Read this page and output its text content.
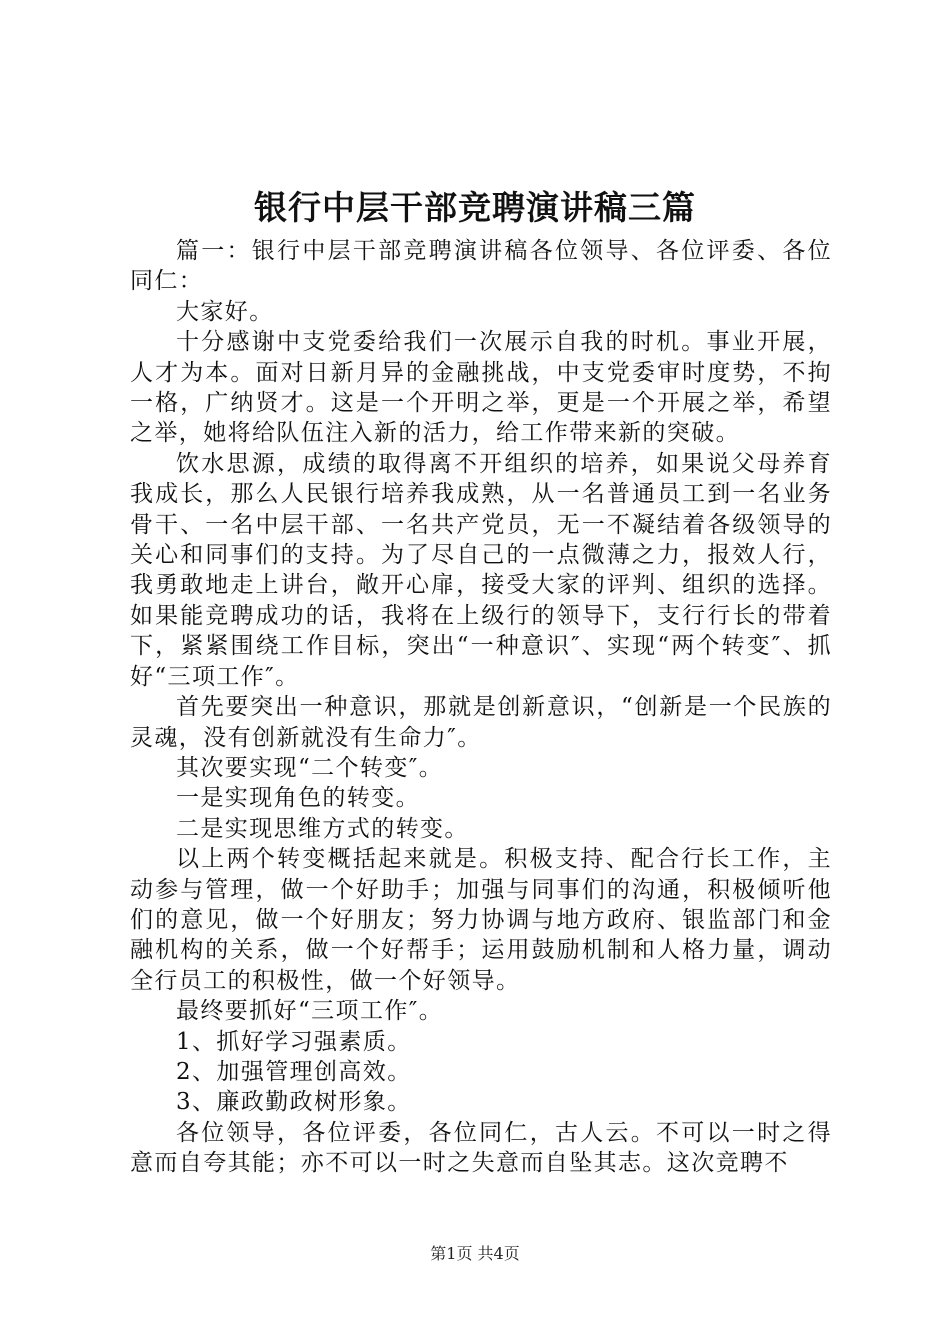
银行中层干部竞聘演讲稿三篇

篇一：银行中层干部竞聘演讲稿各位领导、各位评委、各位同仁：

大家好。

十分感谢中支党委给我们一次展示自我的时机。事业开展，人才为本。面对日新月异的金融挑战，中支党委审时度势，不拘一格，广纳贤才。这是一个开明之举，更是一个开展之举，希望之举，她将给队伍注入新的活力，给工作带来新的突破。

饮水思源，成绩的取得离不开组织的培养，如果说父母养育我成长，那么人民银行培养我成熟，从一名普通员工到一名业务骨干、一名中层干部、一名共产党员，无一不凝结着各级领导的关心和同事们的支持。为了尽自己的一点微薄之力，报效人行，我勇敢地走上讲台，敞开心扉，接受大家的评判、组织的选择。如果能竞聘成功的话，我将在上级行的领导下，支行行长的带着下，紧紧围绕工作目标，突出“一种意识″、实现“两个转变″、抓好“三项工作″。

首先要突出一种意识，那就是创新意识，“创新是一个民族的灵魂，没有创新就没有生命力″。

其次要实现“二个转变″。

一是实现角色的转变。

二是实现思维方式的转变。

以上两个转变概括起来就是。积极支持、配合行长工作，主动参与管理，做一个好助手；加强与同事们的沟通，积极倾听他们的意见，做一个好朋友；努力协调与地方政府、银监部门和金融机构的关系，做一个好帮手；运用鼓励机制和人格力量，调动全行员工的积极性，做一个好领导。

最终要抓好“三项工作″。

1、抓好学习强素质。

2、加强管理创高效。

3、廉政勤政树形象。

各位领导，各位评委，各位同仁，古人云。不可以一时之得意而自夸其能；亦不可以一时之失意而自坠其志。这次竞聘不

第1页 共4页
